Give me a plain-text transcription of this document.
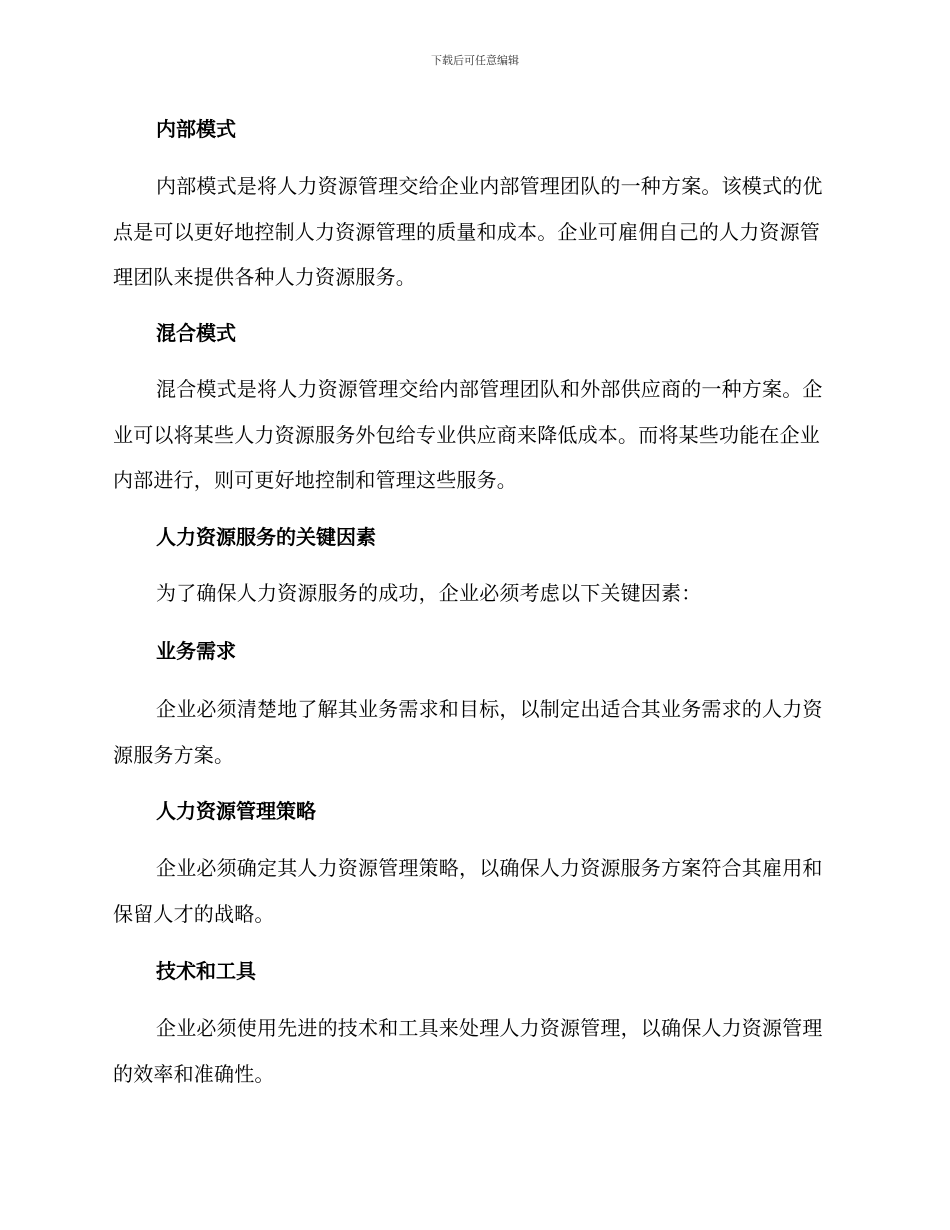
下载后可任意编辑
内部模式

内部模式是将人力资源管理交给企业内部管理团队的一种方案。该模式的优点是可以更好地控制人力资源管理的质量和成本。企业可雇佣自己的人力资源管理团队来提供各种人力资源服务。

混合模式

混合模式是将人力资源管理交给内部管理团队和外部供应商的一种方案。企业可以将某些人力资源服务外包给专业供应商来降低成本。而将某些功能在企业内部进行，则可更好地控制和管理这些服务。

人力资源服务的关键因素

为了确保人力资源服务的成功，企业必须考虑以下关键因素：

业务需求

企业必须清楚地了解其业务需求和目标，以制定出适合其业务需求的人力资源服务方案。

人力资源管理策略

企业必须确定其人力资源管理策略，以确保人力资源服务方案符合其雇用和保留人才的战略。

技术和工具

企业必须使用先进的技术和工具来处理人力资源管理，以确保人力资源管理的效率和准确性。
